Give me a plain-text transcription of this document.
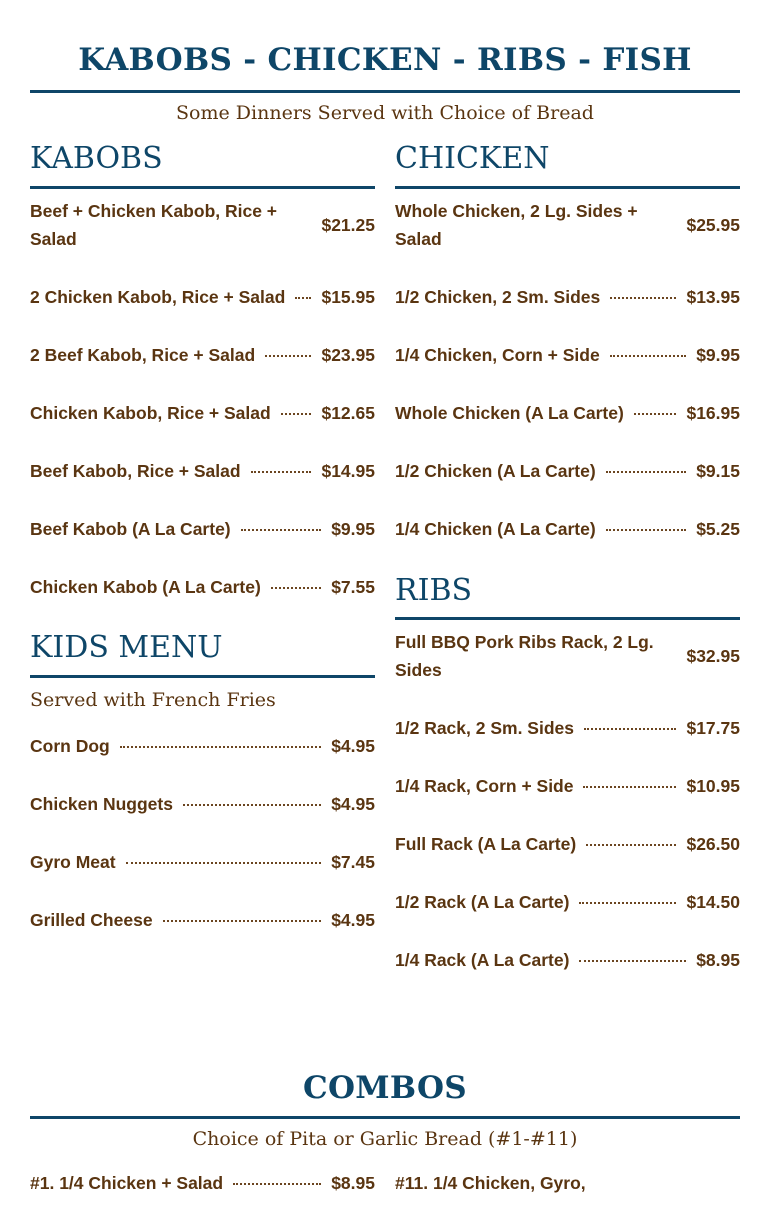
KABOBS - CHICKEN - RIBS - FISH
Some Dinners Served with Choice of Bread
KABOBS
Beef + Chicken Kabob, Rice + Salad
$21.25
2 Chicken Kabob, Rice + Salad $15.95
2 Beef Kabob, Rice + Salad	$23.95
Chicken Kabob, Rice + Salad	$12.65
Beef Kabob, Rice + Salad	$14.95
Beef Kabob (A La Carte)	$9.95
Chicken Kabob (A La Carte)	$7.55
KIDS MENU
Served with French Fries
Corn Dog	$4.95
Chicken Nuggets	$4.95
Gyro Meat	$7.45
Grilled Cheese	$4.95
CHICKEN
Whole Chicken, 2 Lg. Sides + Salad
$25.95
1/2 Chicken, 2 Sm. Sides	$13.95
1/4 Chicken, Corn + Side	$9.95
Whole Chicken (A La Carte)	$16.95
1/2 Chicken (A La Carte)	$9.15
1/4 Chicken (A La Carte)	$5.25
RIBS
Full BBQ Pork Ribs Rack, 2 Lg. Sides
$32.95
1/2 Rack, 2 Sm. Sides	$17.75
1/4 Rack, Corn + Side	$10.95
Full Rack (A La Carte)	$26.50
1/2 Rack (A La Carte)	$14.50
1/4 Rack (A La Carte)	$8.95
COMBOS
Choice of Pita or Garlic Bread (#1-#11)
#1. 1/4 Chicken + Salad	$8.95 #11. 1/4 Chicken, Gyro,
